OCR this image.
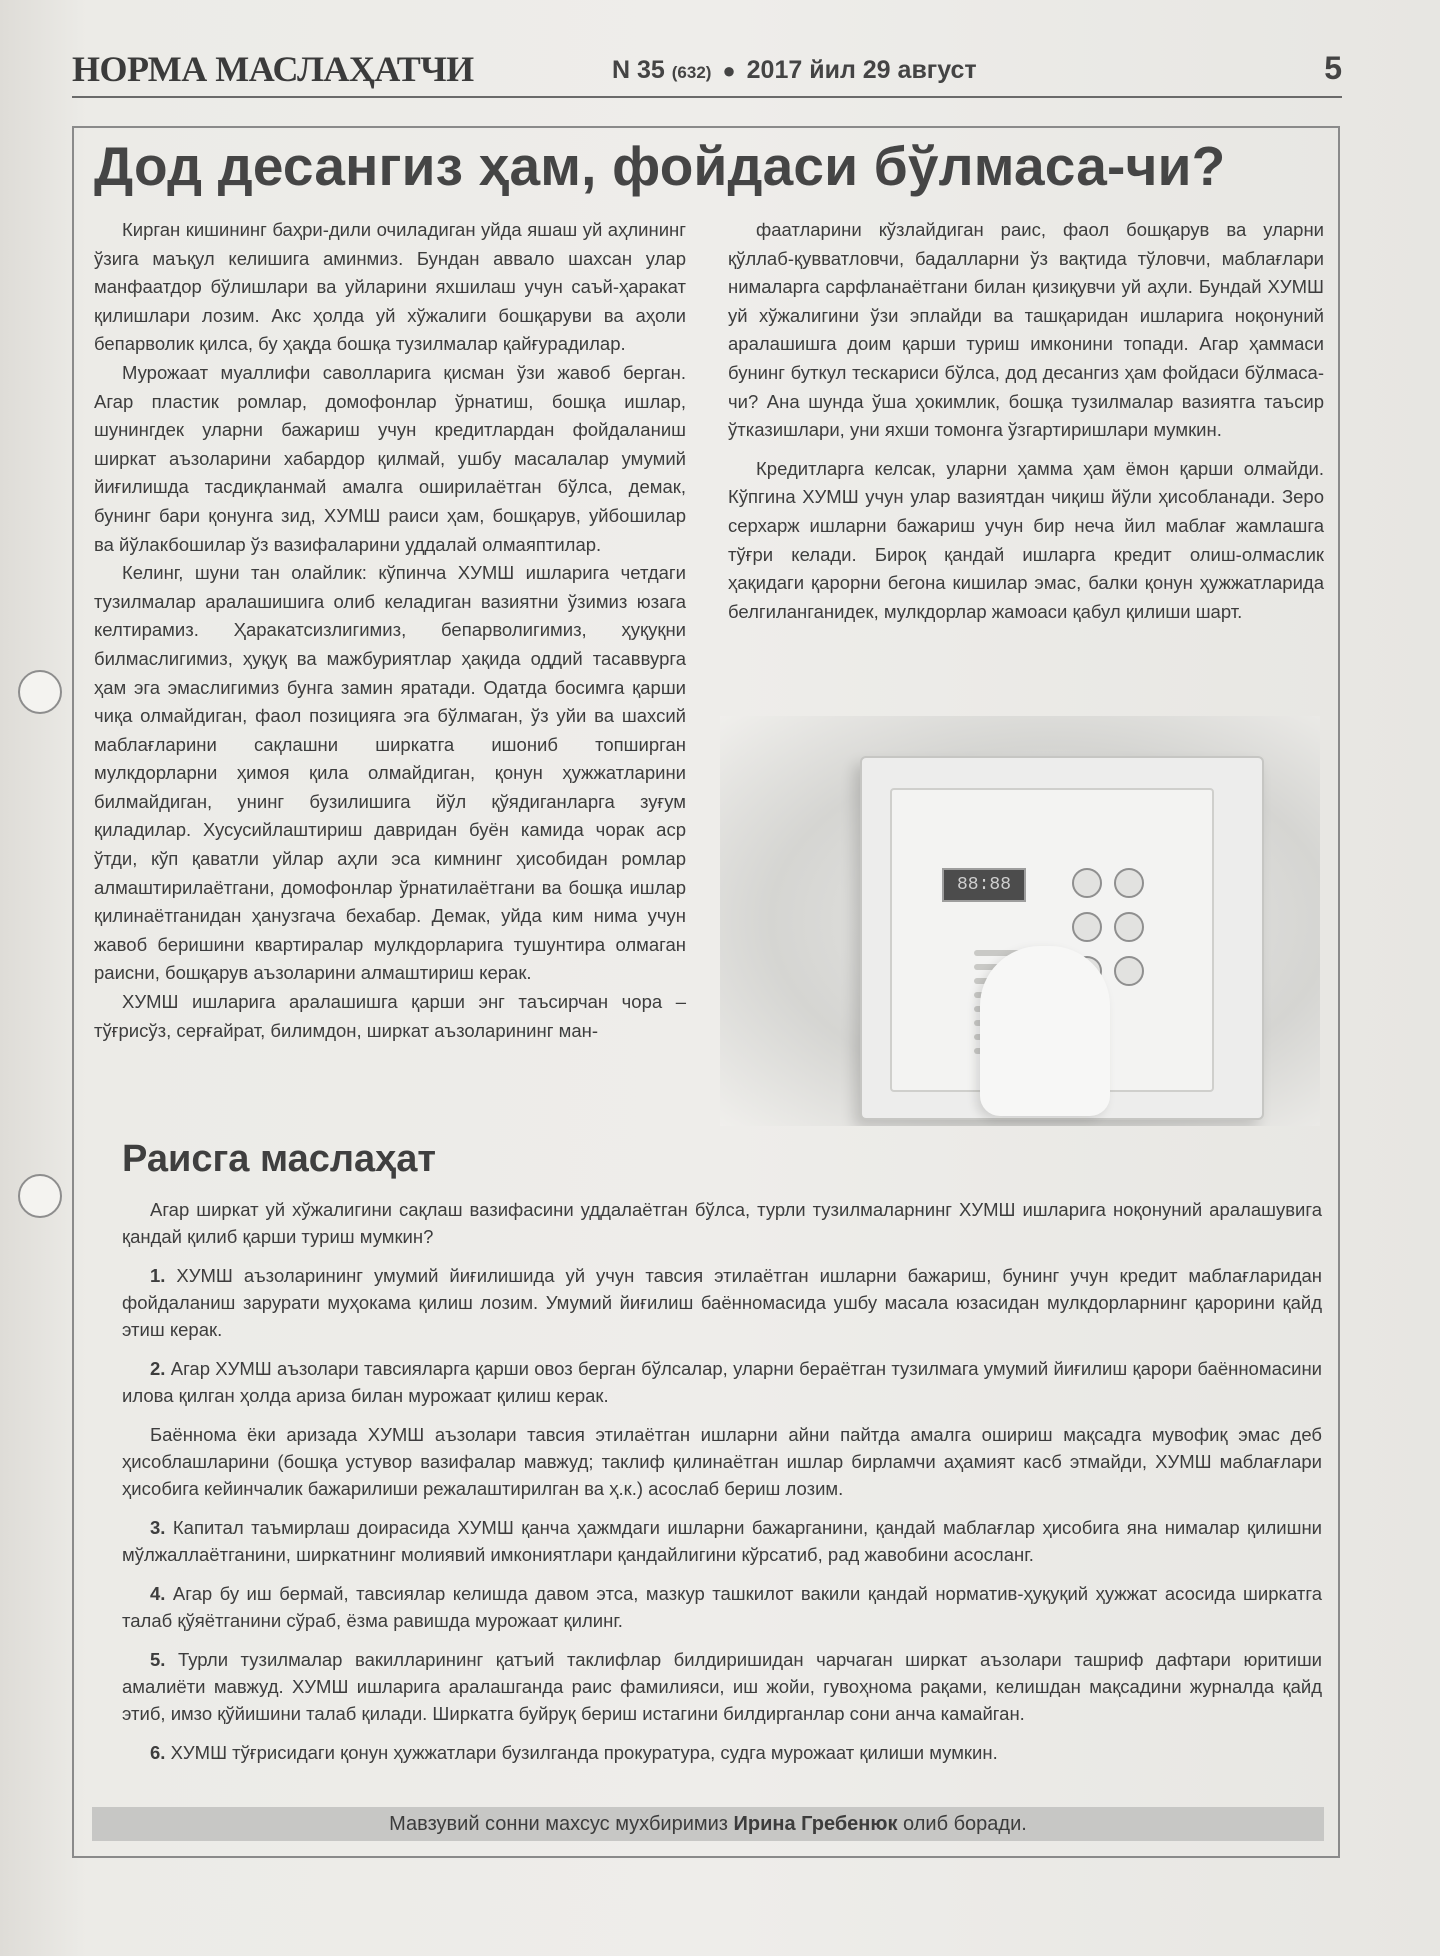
НОРМА МАСЛАҲАТЧИ	N 35 (632) ● 2017 йил 29 август	5
Дод десангиз ҳам, фойдаси бўлмаса-чи?

Кирган кишининг баҳри-дили очиладиган уйда яшаш уй аҳлининг ўзига маъқул келишига аминмиз. Бундан аввало шахсан улар манфаатдор бўлишлари ва уйларини яхшилаш учун саъй-ҳаракат қилишлари лозим. Акс ҳолда уй хўжалиги бошқаруви ва аҳоли бепарволик қилса, бу ҳақда бошқа тузилмалар қайғурадилар.

Мурожаат муаллифи саволларига қисман ўзи жавоб берган. Агар пластик ромлар, домофонлар ўрнатиш, бошқа ишлар, шунингдек уларни бажариш учун кредитлардан фойдаланиш ширкат аъзоларини хабардор қилмай, ушбу масалалар умумий йиғилишда тасдиқланмай амалга оширилаётган бўлса, демак, бунинг бари қонунга зид, ХУМШ раиси ҳам, бошқарув, уйбошилар ва йўлакбошилар ўз вазифаларини уддалай олмаяптилар.

Келинг, шуни тан олайлик: кўпинча ХУМШ ишларига четдаги тузилмалар аралашишига олиб келадиган вазиятни ўзимиз юзага келтирамиз. Ҳаракатсизлигимиз, бепарволигимиз, ҳуқуқни билмаслигимиз, ҳуқуқ ва мажбуриятлар ҳақида оддий тасаввурга ҳам эга эмаслигимиз бунга замин яратади. Одатда босимга қарши чиқа олмайдиган, фаол позицияга эга бўлмаган, ўз уйи ва шахсий маблағларини сақлашни ширкатга ишониб топширган мулкдорларни ҳимоя қила олмайдиган, қонун ҳужжатларини билмайдиган, унинг бузилишига йўл қўядиганларга зуғум қиладилар. Хусусийлаштириш давридан буён камида чорак аср ўтди, кўп қаватли уйлар аҳли эса кимнинг ҳисобидан ромлар алмаштирилаётгани, домофонлар ўрнатилаётгани ва бошқа ишлар қилинаётганидан ҳанузгача бехабар. Демак, уйда ким нима учун жавоб беришини квартиралар мулкдорларига тушунтира олмаган раисни, бошқарув аъзоларини алмаштириш керак.

ХУМШ ишларига аралашишга қарши энг таъсирчан чора – тўғрисўз, серғайрат, билимдон, ширкат аъзоларининг ман-

фаатларини кўзлайдиган раис, фаол бошқарув ва уларни қўллаб-қувватловчи, бадалларни ўз вақтида тўловчи, маблағлари нималарга сарфланаётгани билан қизиқувчи уй аҳли. Бундай ХУМШ уй хўжалигини ўзи эплайди ва ташқаридан ишларига ноқонуний аралашишга доим қарши туриш имконини топади. Агар ҳаммаси бунинг буткул тескариси бўлса, дод десангиз ҳам фойдаси бўлмаса-чи? Ана шунда ўша ҳокимлик, бошқа тузилмалар вазиятга таъсир ўтказишлари, уни яхши томонга ўзгартиришлари мумкин.

Кредитларга келсак, уларни ҳамма ҳам ёмон қарши олмайди. Кўпгина ХУМШ учун улар вазиятдан чиқиш йўли ҳисобланади. Зеро серхарж ишларни бажариш учун бир неча йил маблағ жамлашга тўғри келади. Бироқ қандай ишларга кредит олиш-олмаслик ҳақидаги қарорни бегона кишилар эмас, балки қонун ҳужжатларида белгиланганидек, мулкдорлар жамоаси қабул қилиши шарт.

88:88
Раисга маслаҳат

Агар ширкат уй хўжалигини сақлаш вазифасини уддалаётган бўлса, турли тузилмаларнинг ХУМШ ишларига ноқонуний аралашувига қандай қилиб қарши туриш мумкин?

1. ХУМШ аъзоларининг умумий йиғилишида уй учун тавсия этилаётган ишларни бажариш, бунинг учун кредит маблағларидан фойдаланиш зарурати муҳокама қилиш лозим. Умумий йиғилиш баённомасида ушбу масала юзасидан мулкдорларнинг қарорини қайд этиш керак.

2. Агар ХУМШ аъзолари тавсияларга қарши овоз берган бўлсалар, уларни бераётган тузилмага умумий йиғилиш қарори баённомасини илова қилган ҳолда ариза билан мурожаат қилиш керак.

Баённома ёки аризада ХУМШ аъзолари тавсия этилаётган ишларни айни пайтда амалга ошириш мақсадга мувофиқ эмас деб ҳисоблашларини (бошқа устувор вазифалар мавжуд; таклиф қилинаётган ишлар бирламчи аҳамият касб этмайди, ХУМШ маблағлари ҳисобига кейинчалик бажарилиши режалаштирилган ва ҳ.к.) асослаб бериш лозим.

3. Капитал таъмирлаш доирасида ХУМШ қанча ҳажмдаги ишларни бажарганини, қандай маблағлар ҳисобига яна нималар қилишни мўлжаллаётганини, ширкатнинг молиявий имкониятлари қандайлигини кўрсатиб, рад жавобини асосланг.

4. Агар бу иш бермай, тавсиялар келишда давом этса, мазкур ташкилот вакили қандай норматив-ҳуқуқий ҳужжат асосида ширкатга талаб қўяётганини сўраб, ёзма равишда мурожаат қилинг.

5. Турли тузилмалар вакилларининг қатъий таклифлар билдиришидан чарчаган ширкат аъзолари ташриф дафтари юритиши амалиёти мавжуд. ХУМШ ишларига аралашганда раис фамилияси, иш жойи, гувоҳнома рақами, келишдан мақсадини журналда қайд этиб, имзо қўйишини талаб қилади. Ширкатга буйруқ бериш истагини билдирганлар сони анча камайган.

6. ХУМШ тўғрисидаги қонун ҳужжатлари бузилганда прокуратура, судга мурожаат қилиши мумкин.

Мавзувий сонни махсус мухбиримиз Ирина Гребенюк олиб боради.
